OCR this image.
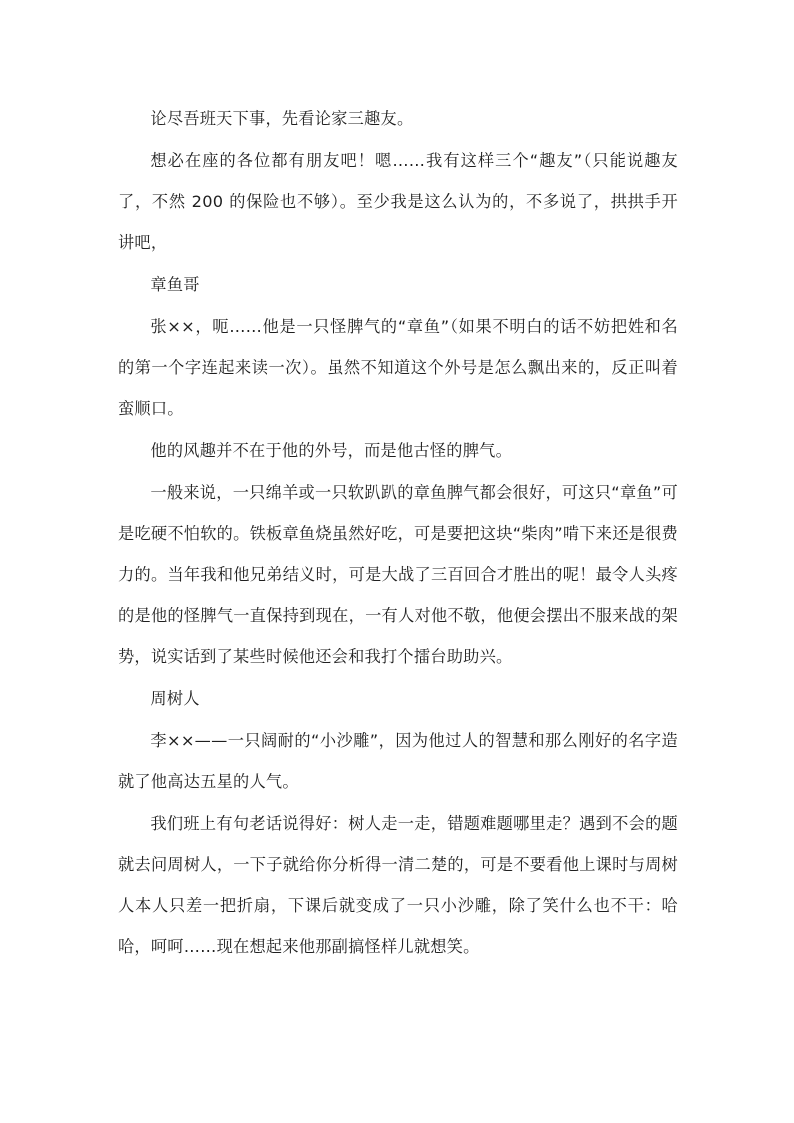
论尽吾班天下事，先看论家三趣友。

想必在座的各位都有朋友吧！嗯……我有这样三个“趣友”（只能说趣友了，不然 200 的保险也不够）。至少我是这么认为的，不多说了，拱拱手开讲吧，

章鱼哥

张××，呃……他是一只怪脾气的“章鱼”（如果不明白的话不妨把姓和名的第一个字连起来读一次）。虽然不知道这个外号是怎么飘出来的，反正叫着蛮顺口。

他的风趣并不在于他的外号，而是他古怪的脾气。

一般来说，一只绵羊或一只软趴趴的章鱼脾气都会很好，可这只“章鱼”可是吃硬不怕软的。铁板章鱼烧虽然好吃，可是要把这块“柴肉”啃下来还是很费力的。当年我和他兄弟结义时，可是大战了三百回合才胜出的呢！最令人头疼的是他的怪脾气一直保持到现在，一有人对他不敬，他便会摆出不服来战的架势，说实话到了某些时候他还会和我打个擂台助助兴。

周树人

李××——一只阔耐的“小沙雕”，因为他过人的智慧和那么刚好的名字造就了他高达五星的人气。

我们班上有句老话说得好：树人走一走，错题难题哪里走？遇到不会的题就去问周树人，一下子就给你分析得一清二楚的，可是不要看他上课时与周树人本人只差一把折扇，下课后就变成了一只小沙雕，除了笑什么也不干：哈哈，呵呵……现在想起来他那副搞怪样儿就想笑。
